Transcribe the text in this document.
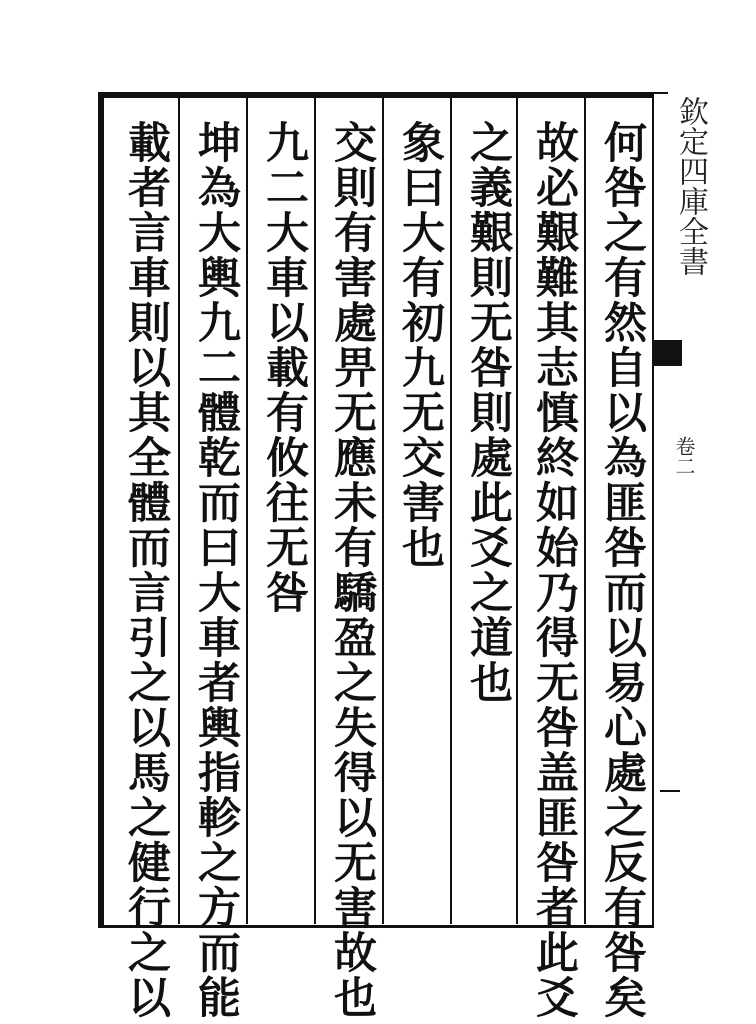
何咎之有然自以為匪咎而以易心處之反有咎矣
故必艱難其志慎終如始乃得无咎盖匪咎者此爻
之義艱則无咎則處此爻之道也
象曰大有初九无交害也
交則有害處畀无應未有驕盈之失得以无害故也
九二大車以載有攸往无咎
坤為大輿九二體乾而曰大車者輿指軫之方而能
載者言車則以其全體而言引之以馬之健行之以	欽定四庫全書
卷二
